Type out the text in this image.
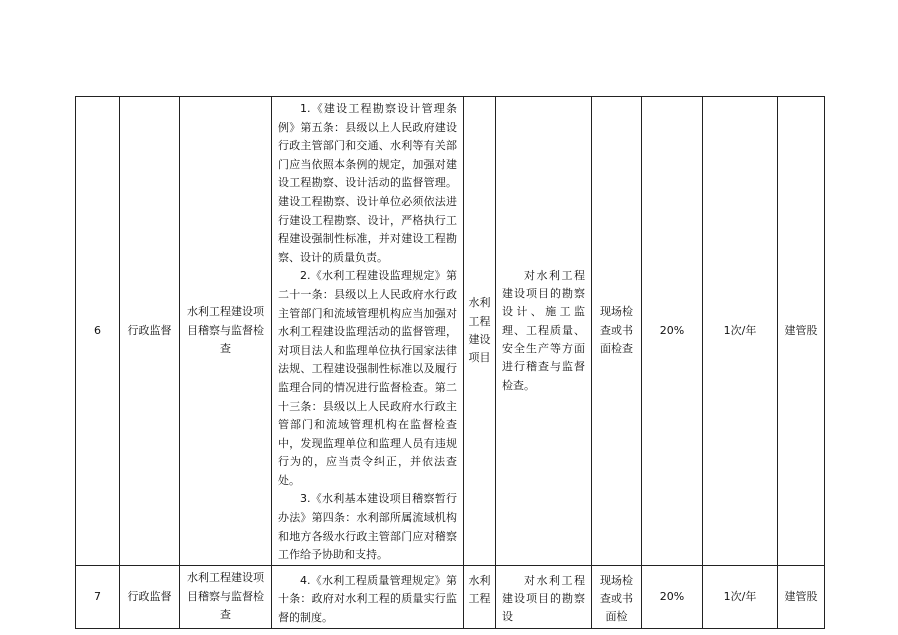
6	行政监督	水利工程建设项目稽察与监督检查	1.《建设工程勘察设计管理条例》第五条：县级以上人民政府建设行政主管部门和交通、水利等有关部门应当依照本条例的规定，加强对建设工程勘察、设计活动的监督管理。建设工程勘察、设计单位必须依法进行建设工程勘察、设计，严格执行工程建设强制性标准，并对建设工程勘察、设计的质量负责。

2.《水利工程建设监理规定》第二十一条：县级以上人民政府水行政主管部门和流域管理机构应当加强对水利工程建设监理活动的监督管理，对项目法人和监理单位执行国家法律法规、工程建设强制性标准以及履行监理合同的情况进行监督检查。第二十三条：县级以上人民政府水行政主管部门和流域管理机构在监督检查中，发现监理单位和监理人员有违规行为的，应当责令纠正，并依法查处。

3.《水利基本建设项目稽察暂行办法》第四条：水利部所属流域机构和地方各级水行政主管部门应对稽察工作给予协助和支持。	水利工程建设项目	对水利工程建设项目的勘察设计、施工监理、工程质量、安全生产等方面进行稽查与监督检查。	现场检查或书面检查	20%	1次/年	建管股
7	行政监督	水利工程建设项目稽察与监督检查	4.《水利工程质量管理规定》第十条：政府对水利工程的质量实行监督的制度。	水利工程	对水利工程建设项目的勘察设	现场检查或书面检	20%	1次/年	建管股
